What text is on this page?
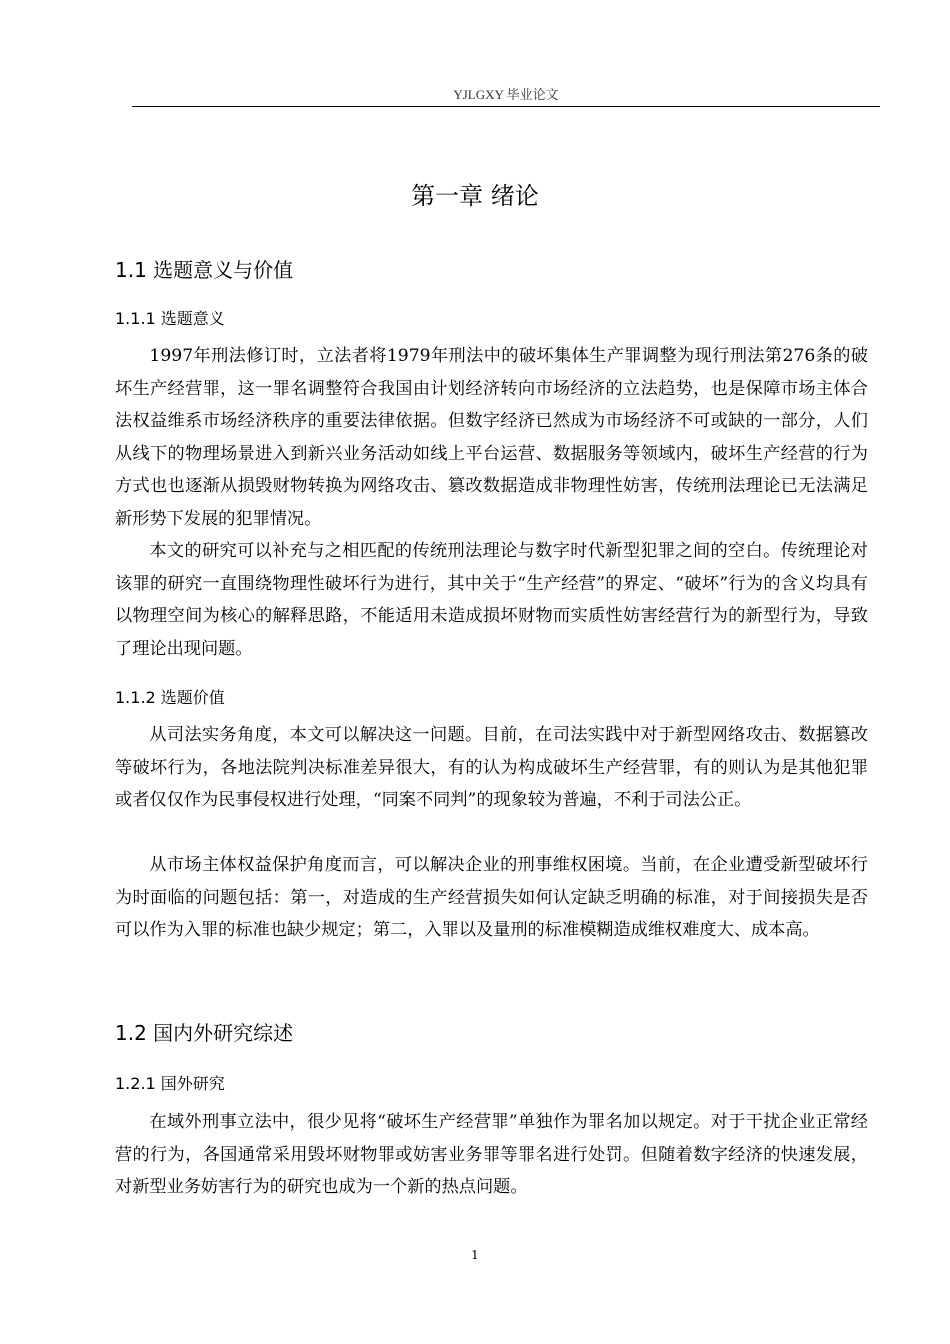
YJLGXY 毕业论文
第一章 绪论
1.1 选题意义与价值
1.1.1 选题意义

1997年刑法修订时，立法者将1979年刑法中的破坏集体生产罪调整为现行刑法第276条的破坏生产经营罪，这一罪名调整符合我国由计划经济转向市场经济的立法趋势，也是保障市场主体合法权益维系市场经济秩序的重要法律依据。但数字经济已然成为市场经济不可或缺的一部分，人们从线下的物理场景进入到新兴业务活动如线上平台运营、数据服务等领域内，破坏生产经营的行为方式也也逐渐从损毁财物转换为网络攻击、篡改数据造成非物理性妨害，传统刑法理论已无法满足新形势下发展的犯罪情况。

本文的研究可以补充与之相匹配的传统刑法理论与数字时代新型犯罪之间的空白。传统理论对该罪的研究一直围绕物理性破坏行为进行，其中关于“生产经营”的界定、“破坏”行为的含义均具有以物理空间为核心的解释思路，不能适用未造成损坏财物而实质性妨害经营行为的新型行为，导致了理论出现问题。

1.1.2 选题价值

从司法实务角度，本文可以解决这一问题。目前，在司法实践中对于新型网络攻击、数据篡改等破坏行为，各地法院判决标准差异很大，有的认为构成破坏生产经营罪，有的则认为是其他犯罪或者仅仅作为民事侵权进行处理，“同案不同判”的现象较为普遍，不利于司法公正。

从市场主体权益保护角度而言，可以解决企业的刑事维权困境。当前，在企业遭受新型破坏行为时面临的问题包括：第一，对造成的生产经营损失如何认定缺乏明确的标准，对于间接损失是否可以作为入罪的标准也缺少规定；第二，入罪以及量刑的标准模糊造成维权难度大、成本高。

1.2 国内外研究综述
1.2.1 国外研究

在域外刑事立法中，很少见将“破坏生产经营罪”单独作为罪名加以规定。对于干扰企业正常经营的行为，各国通常采用毁坏财物罪或妨害业务罪等罪名进行处罚。但随着数字经济的快速发展，对新型业务妨害行为的研究也成为一个新的热点问题。

1
